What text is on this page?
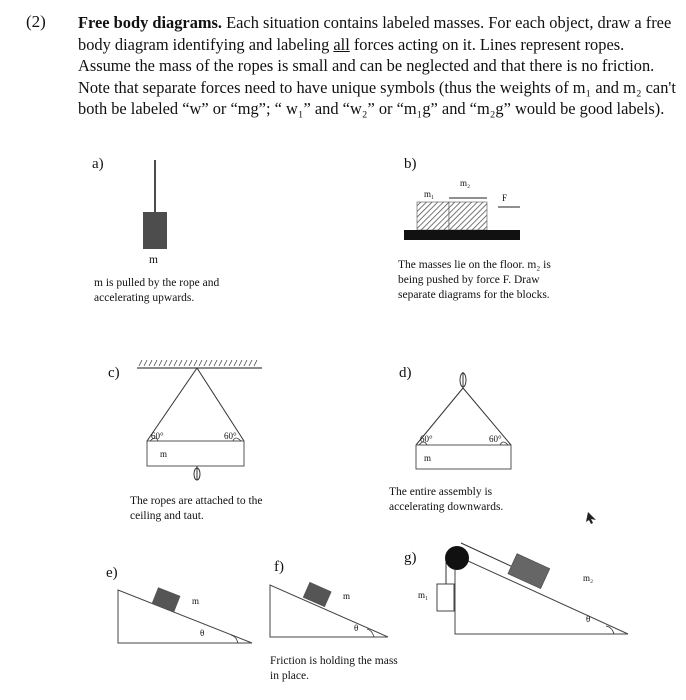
(2) Free body diagrams. Each situation contains labeled masses. For each object, draw a free body diagram identifying and labeling all forces acting on it. Lines represent ropes. Assume the mass of the ropes is small and can be neglected and that there is no friction. Note that separate forces need to have unique symbols (thus the weights of m₁ and m₂ can't both be labeled “w” or “mg”; “ w₁” and “w₂” or “m₁g” and “m₂g” would be good labels).
a)
m
m is pulled by the rope and accelerating upwards.
b)
m₂
m₁	F
The masses lie on the floor. m₂ is being pushed by force F. Draw separate diagrams for the blocks.
c)
60°	60°
m
The ropes are attached to the ceiling and taut.
d)
60°	60°
m
The entire assembly is accelerating downwards.
e)
m
θ
f)
m
θ
Friction is holding the mass in place.
g)
m₁
m₂
θ
